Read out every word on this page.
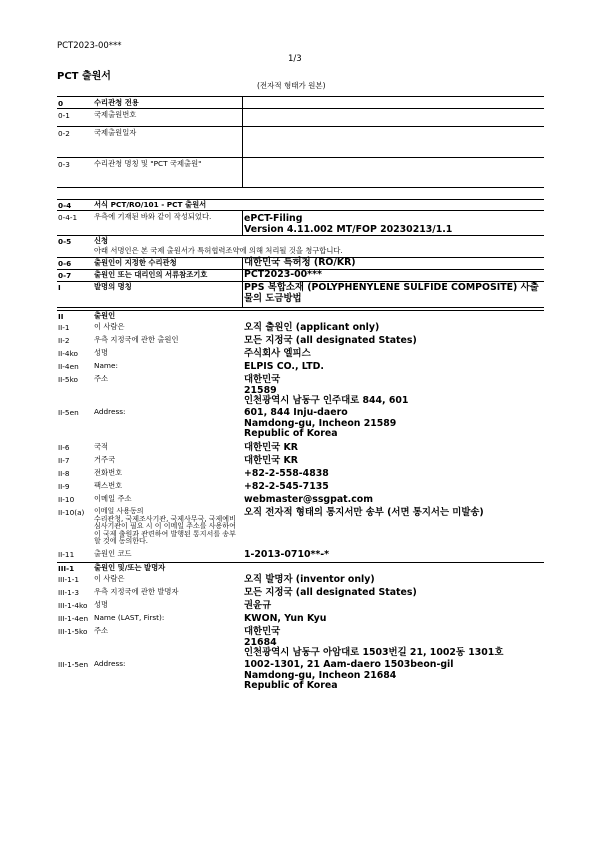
PCT2023-00***
1/3
PCT 출원서
(전자적 형태가 원본)
0	수리관청 전용
0-1	국제출원번호
0-2	국제출원일자
0-3	수리관청 명칭 및 "PCT 국제출원"
0-4	서식 PCT/RO/101 - PCT 출원서
0-4-1 우측에 기재된 바와 같이 작성되었다.	ePCT-Filing
Version 4.11.002 MT/FOP 20230213/1.1
0-5	신청
아래 서명인은 본 국제 출원서가 특허협력조약에 의해 처리될 것을 청구합니다.
0-6	출원인이 지정한 수리관청	대한민국 특허청 (RO/KR)
0-7	출원인 또는 대리인의 서류참조기호	PCT2023-00***
I	발명의 명칭	PPS 복합소재 (POLYPHENYLENE SULFIDE COMPOSITE) 사출
물의 도금방법
II	출원인
II-1	이 사람은	오직 출원인 (applicant only)
II-2	우측 지정국에 관한 출원인	모든 지정국 (all designated States)
II-4ko 성명	주식회사 엘피스
II-4en Name:	ELPIS CO., LTD.
II-5ko 주소	대한민국
21589
인천광역시 남동구 인주대로 844, 601
II-5en Address:	601, 844 Inju-daero
Namdong-gu, Incheon 21589
Republic of Korea
II-6	국적	대한민국 KR
II-7	거주국	대한민국 KR
II-8	전화번호	+82-2-558-4838
II-9	팩스번호	+82-2-545-7135
II-10	이메일 주소	webmaster@ssgpat.com
II-10(a) 이메일 사용동의
수리관청, 국제조사기관, 국제사무국, 국제예비심사기관이 필요 시 이 이메일 주소를 사용하여 이 국제 출원과 관련하여 발행된 통지서를 송부할 것에 동의한다.
오직 전자적 형태의 통지서만 송부 (서면 통지서는 미발송)
II-11	출원인 코드	1-2013-0710**-*
III-1	출원인 및/또는 발명자
III-1-1 이 사람은	오직 발명자 (inventor only)
III-1-3 우측 지정국에 관한 발명자	모든 지정국 (all designated States)
III-1-4ko 성명	권윤규
III-1-4en Name (LAST, First):	KWON, Yun Kyu
III-1-5ko 주소	대한민국
21684
인천광역시 남동구 아암대로 1503번길 21, 1002동 1301호
III-1-5en Address:	1002-1301, 21 Aam-daero 1503beon-gil
Namdong-gu, Incheon 21684
Republic of Korea
